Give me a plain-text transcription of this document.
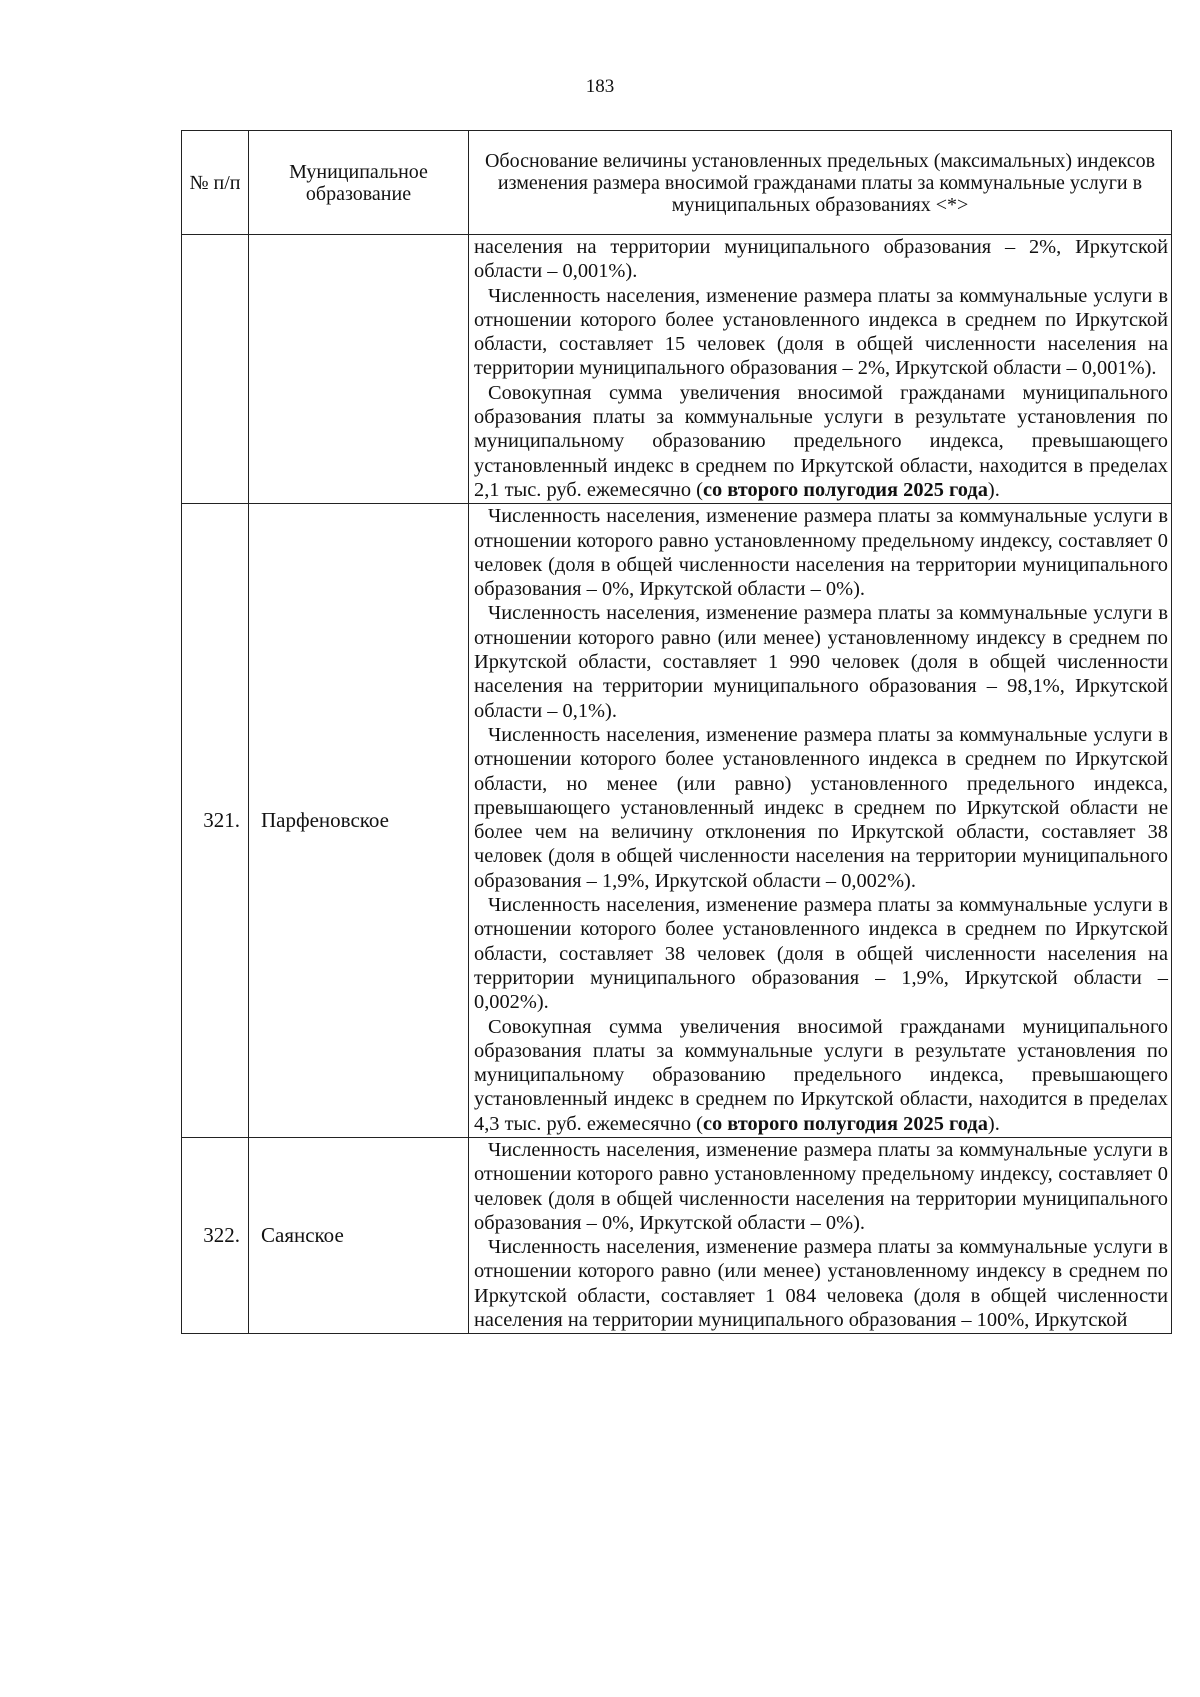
183
№ п/п	Муниципальное образование	Обоснование величины установленных предельных (максимальных) индексов изменения размера вносимой гражданами платы за коммунальные услуги в муниципальных образованиях <*>

		населения на территории муниципального образования – 2%, Иркутской области – 0,001%).

Численность населения, изменение размера платы за коммунальные услуги в отношении которого более установленного индекса в среднем по Иркутской области, составляет 15 человек (доля в общей численности населения на территории муниципального образования – 2%, Иркутской области – 0,001%).

Совокупная сумма увеличения вносимой гражданами муниципального образования платы за коммунальные услуги в результате установления по муниципальному образованию предельного индекса, превышающего установленный индекс в среднем по Иркутской области, находится в пределах 2,1 тыс. руб. ежемесячно (со второго полугодия 2025 года).

321.	Парфеновское	Численность населения, изменение размера платы за коммунальные услуги в отношении которого равно установленному предельному индексу, составляет 0 человек (доля в общей численности населения на территории муниципального образования – 0%, Иркутской области – 0%).

Численность населения, изменение размера платы за коммунальные услуги в отношении которого равно (или менее) установленному индексу в среднем по Иркутской области, составляет 1 990 человек (доля в общей численности населения на территории муниципального образования – 98,1%, Иркутской области – 0,1%).

Численность населения, изменение размера платы за коммунальные услуги в отношении которого более установленного индекса в среднем по Иркутской области, но менее (или равно) установленного предельного индекса, превышающего установленный индекс в среднем по Иркутской области не более чем на величину отклонения по Иркутской области, составляет 38 человек (доля в общей численности населения на территории муниципального образования – 1,9%, Иркутской области – 0,002%).

Численность населения, изменение размера платы за коммунальные услуги в отношении которого более установленного индекса в среднем по Иркутской области, составляет 38 человек (доля в общей численности населения на территории муниципального образования – 1,9%, Иркутской области – 0,002%).

Совокупная сумма увеличения вносимой гражданами муниципального образования платы за коммунальные услуги в результате установления по муниципальному образованию предельного индекса, превышающего установленный индекс в среднем по Иркутской области, находится в пределах 4,3 тыс. руб. ежемесячно (со второго полугодия 2025 года).

322.	Саянское	Численность населения, изменение размера платы за коммунальные услуги в отношении которого равно установленному предельному индексу, составляет 0 человек (доля в общей численности населения на территории муниципального образования – 0%, Иркутской области – 0%).

Численность населения, изменение размера платы за коммунальные услуги в отношении которого равно (или менее) установленному индексу в среднем по Иркутской области, составляет 1 084 человека (доля в общей численности населения на территории муниципального образования – 100%, Иркутской
